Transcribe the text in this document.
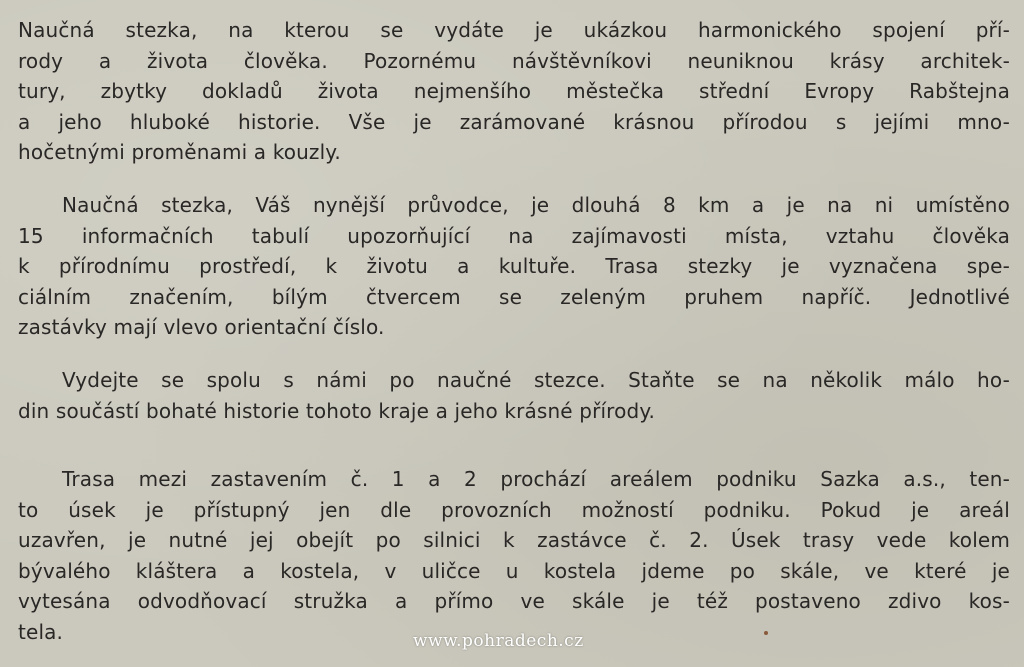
Naučná stezka, na kterou se vydáte je ukázkou harmonického spojení pří-
rody a života člověka. Pozornému návštěvníkovi neuniknou krásy architek-
tury, zbytky dokladů života nejmenšího městečka střední Evropy Rabštejna
a jeho hluboké historie. Vše je zarámované krásnou přírodou s jejími mno-
hočetnými proměnami a kouzly.

Naučná stezka, Váš nynější průvodce, je dlouhá 8 km a je na ni umístěno
15 informačních tabulí upozorňující na zajímavosti místa, vztahu člověka
k přírodnímu prostředí, k životu a kultuře. Trasa stezky je vyznačena spe-
ciálním značením, bílým čtvercem se zeleným pruhem napříč. Jednotlivé
zastávky mají vlevo orientační číslo.

Vydejte se spolu s námi po naučné stezce. Staňte se na několik málo ho-
din součástí bohaté historie tohoto kraje a jeho krásné přírody.

Trasa mezi zastavením č. 1 a 2 prochází areálem podniku Sazka a.s., ten-
to úsek je přístupný jen dle provozních možností podniku. Pokud je areál
uzavřen, je nutné jej obejít po silnici k zastávce č. 2. Úsek trasy vede kolem
bývalého kláštera a kostela, v uličce u kostela jdeme po skále, ve které je
vytesána odvodňovací stružka a přímo ve skále je též postaveno zdivo kos-
tela.	www.pohradech.cz
